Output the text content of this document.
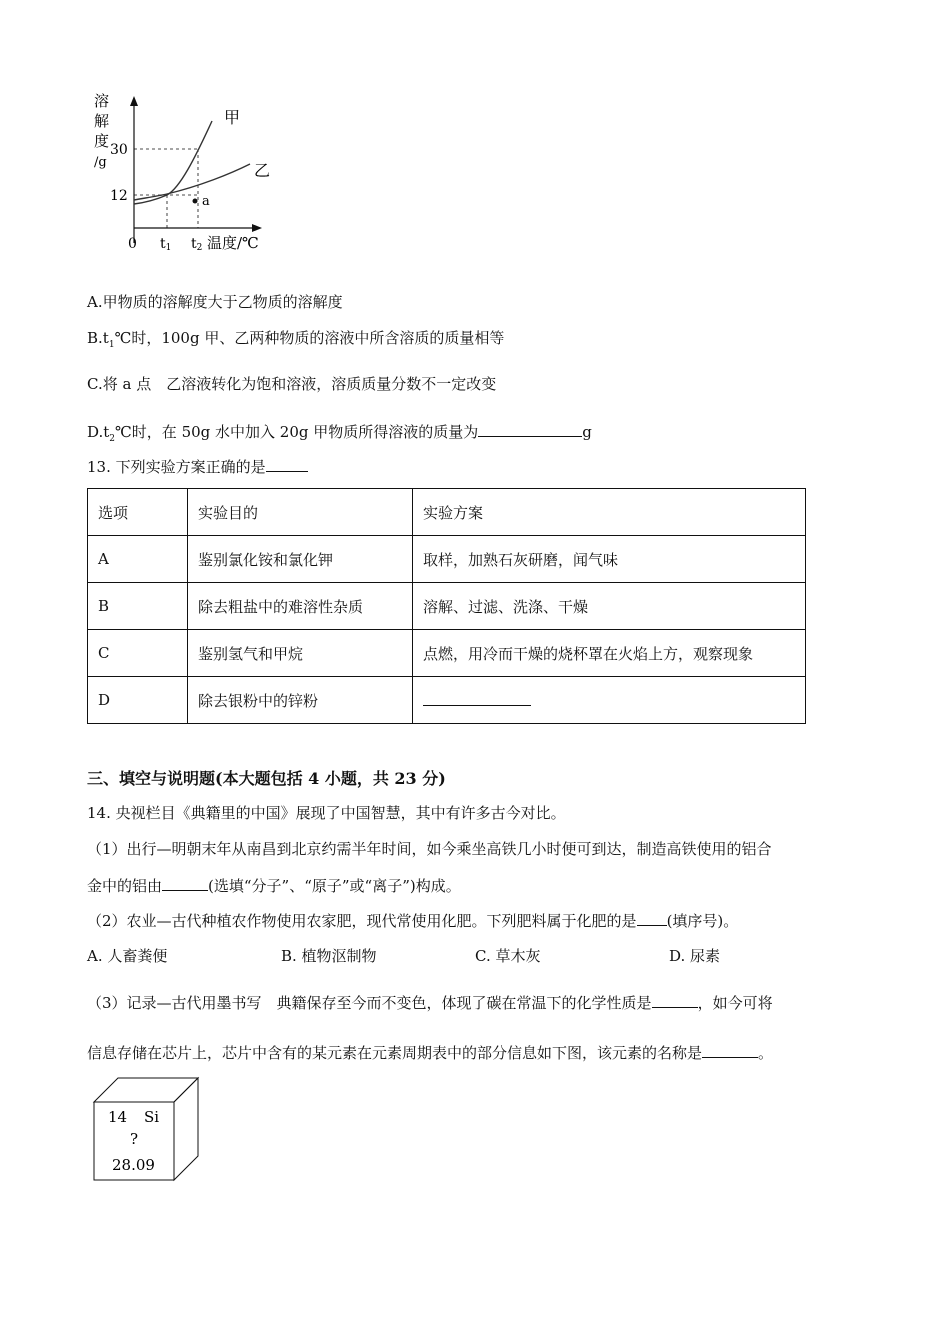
溶
解
度
/g
30
12
0 t1 t2 温度/℃
甲
乙
a
A.甲物质的溶解度大于乙物质的溶解度
$B.t_1℃$时，100g 甲、乙两种物质的溶液中所含溶质的质量相等
C.将 a 点　乙溶液转化为饱和溶液，溶质质量分数不一定改变
$D.t_2℃$时，在 50g 水中加入 20g 甲物质所得溶液的质量为	g
13. 下列实验方案正确的是
选项	实验目的	实验方案
A	鉴别氯化铵和氯化钾	取样，加熟石灰研磨，闻气味
B	除去粗盐中的难溶性杂质	溶解、过滤、洗涤、干燥
C	鉴别氢气和甲烷	点燃，用冷而干燥的烧杯罩在火焰上方，观察现象
D	除去银粉中的锌粉	
三、填空与说明题(本大题包括 4 小题，共 23 分)
14. 央视栏目《典籍里的中国》展现了中国智慧，其中有许多古今对比。
（1）出行—明朝末年从南昌到北京约需半年时间，如今乘坐高铁几小时便可到达，制造高铁使用的铝合
金中的铝由	(选填“分子”、“原子”或“离子”)构成。
（2）农业—古代种植农作物使用农家肥，现代常使用化肥。下列肥料属于化肥的是 (填序号)。
A. 人畜粪便	B. 植物沤制物	C. 草木灰	D. 尿素
（3）记录—古代用墨书写　典籍保存至今而不变色，体现了碳在常温下的化学性质是	，如今可将
信息存储在芯片上，芯片中含有的某元素在元素周期表中的部分信息如下图，该元素的名称是	。
14 Si
?
28.09
